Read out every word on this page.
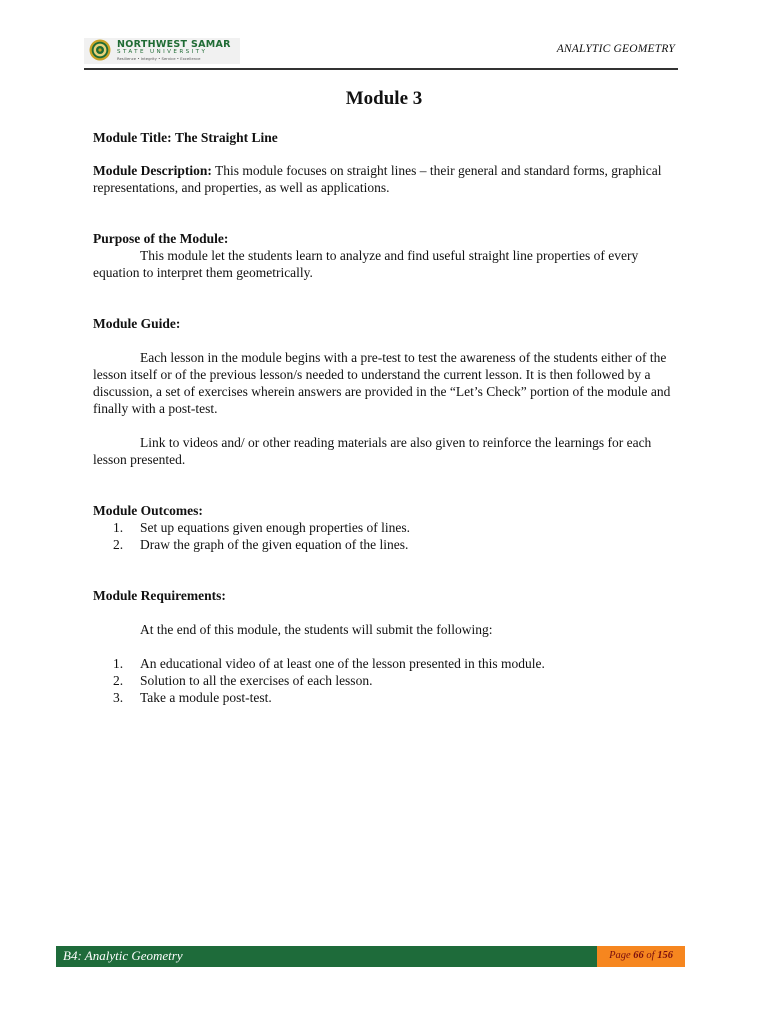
NORTHWEST SAMAR
STATE UNIVERSITY
Resilience • Integrity • Service • Excellence
ANALYTIC GEOMETRY
Module 3

Module Title: The Straight Line

Module Description: This module focuses on straight lines – their general and standard forms, graphical representations, and properties, as well as applications.

Purpose of the Module:

This module let the students learn to analyze and find useful straight line properties of every equation to interpret them geometrically.

Module Guide:

Each lesson in the module begins with a pre-test to test the awareness of the students either of the lesson itself or of the previous lesson/s needed to understand the current lesson. It is then followed by a discussion, a set of exercises wherein answers are provided in the “Let’s Check” portion of the module and finally with a post-test.

Link to videos and/ or other reading materials are also given to reinforce the learnings for each lesson presented.

Module Outcomes:

1. Set up equations given enough properties of lines.
2. Draw the graph of the given equation of the lines.

Module Requirements:

At the end of this module, the students will submit the following:

1. An educational video of at least one of the lesson presented in this module.
2. Solution to all the exercises of each lesson.
3. Take a module post-test.
B4: Analytic Geometry	Page 66 of 156
